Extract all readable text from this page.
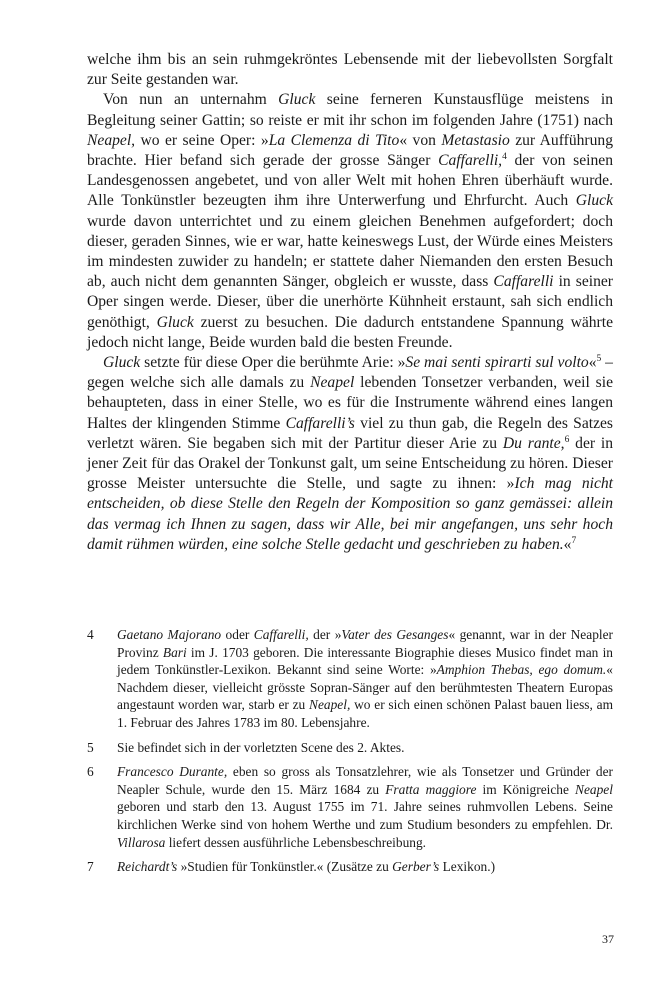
welche ihm bis an sein ruhmgekröntes Lebensende mit der liebevollsten Sorgfalt zur Seite gestanden war.

Von nun an unternahm Gluck seine ferneren Kunstausflüge meistens in Begleitung seiner Gattin; so reiste er mit ihr schon im folgenden Jahre (1751) nach Neapel, wo er seine Oper: »La Clemenza di Tito« von Metastasio zur Aufführung brachte. Hier befand sich gerade der grosse Sänger Caffarelli,$^4$ der von seinen Landesgenossen angebetet, und von aller Welt mit hohen Ehren überhäuft wurde. Alle Tonkünstler bezeugten ihm ihre Unterwerfung und Ehrfurcht. Auch Gluck wurde davon unterrichtet und zu einem gleichen Benehmen aufgefordert; doch dieser, geraden Sinnes, wie er war, hatte keineswegs Lust, der Würde eines Meisters im mindesten zuwider zu handeln; er stattete daher Niemanden den ersten Besuch ab, auch nicht dem genannten Sänger, obgleich er wusste, dass Caffarelli in seiner Oper singen werde. Dieser, über die unerhörte Kühnheit erstaunt, sah sich endlich genöthigt, Gluck zuerst zu besuchen. Die dadurch entstandene Spannung währte jedoch nicht lange, Beide wurden bald die besten Freunde.

Gluck setzte für diese Oper die berühmte Arie: »Se mai senti spirarti sul volto«$^5$ – gegen welche sich alle damals zu Neapel lebenden Tonsetzer verbanden, weil sie behaupteten, dass in einer Stelle, wo es für die Instrumente während eines langen Haltes der klingenden Stimme Caffarelli’s viel zu thun gab, die Regeln des Satzes verletzt wären. Sie begaben sich mit der Partitur dieser Arie zu Du rante,$^6$ der in jener Zeit für das Orakel der Tonkunst galt, um seine Entscheidung zu hören. Dieser grosse Meister untersuchte die Stelle, und sagte zu ihnen: »Ich mag nicht entscheiden, ob diese Stelle den Regeln der Komposition so ganz gemässei: allein das vermag ich Ihnen zu sagen, dass wir Alle, bei mir angefangen, uns sehr hoch damit rühmen würden, eine solche Stelle gedacht und geschrieben zu haben.«$^7$

4	Gaetano Majorano oder Caffarelli, der »Vater des Gesanges« genannt, war in der Neapler Provinz Bari im J. 1703 geboren. Die interessante Biographie dieses Musico findet man in jedem Tonkünstler-Lexikon. Bekannt sind seine Worte: »Amphion Thebas, ego domum.« Nachdem dieser, vielleicht grösste Sopran-Sänger auf den berühmtesten Theatern Europas angestaunt worden war, starb er zu Neapel, wo er sich einen schönen Palast bauen liess, am 1. Februar des Jahres 1783 im 80. Lebensjahre.
5	Sie befindet sich in der vorletzten Scene des 2. Aktes.
6	Francesco Durante, eben so gross als Tonsatzlehrer, wie als Tonsetzer und Gründer der Neapler Schule, wurde den 15. März 1684 zu Fratta maggiore im Königreiche Neapel geboren und starb den 13. August 1755 im 71. Jahre seines ruhmvollen Lebens. Seine kirchlichen Werke sind von hohem Werthe und zum Studium besonders zu empfehlen. Dr. Villarosa liefert dessen ausführliche Lebensbeschreibung.
7	Reichardt’s »Studien für Tonkünstler.« (Zusätze zu Gerber’s Lexikon.)
37
